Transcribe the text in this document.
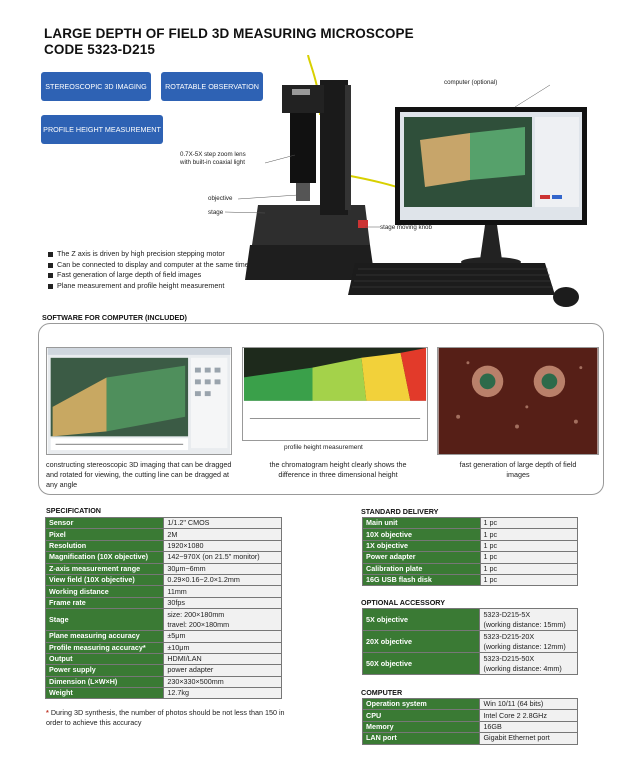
LARGE DEPTH OF FIELD 3D MEASURING MICROSCOPE
CODE 5323-D215
STEREOSCOPIC 3D IMAGING	ROTATABLE OBSERVATION
PROFILE HEIGHT MEASUREMENT
computer (optional)
0.7X-5X step zoom lens
with built-in coaxial light
objective
stage
stage moving knob
The Z axis is driven by high precision stepping motor
Can be connected to display and computer at the same time
Fast generation of large depth of field images
Plane measurement and profile height measurement
SOFTWARE FOR COMPUTER (INCLUDED)
profile height measurement
constructing stereoscopic 3D imaging that can be dragged and rotated for viewing, the cutting line can be dragged at any angle
the chromatogram height clearly shows the difference in three dimensional height
fast generation of large depth of field images
SPECIFICATION
Sensor	1/1.2" CMOS
Pixel	2M
Resolution	1920×1080
Magnification (10X objective)	142~970X (on 21.5" monitor)
Z-axis measurement range	30μm~6mm
View field (10X objective)	0.29×0.16~2.0×1.2mm
Working distance	11mm
Frame rate	30fps
Stage	size: 200×180mm
travel: 200×180mm

Plane measuring accuracy	±5μm
Profile measuring accuracy*	±10μm
Output	HDMI/LAN
Power supply	power adapter
Dimension (L×W×H)	230×330×500mm
Weight	12.7kg
* During 3D synthesis, the number of photos should be not less than 150 in order to achieve this accuracy
STANDARD DELIVERY
Main unit	1 pc
10X objective	1 pc
1X objective	1 pc
Power adapter	1 pc
Calibration plate	1 pc
16G USB flash disk	1 pc
OPTIONAL ACCESSORY
5X objective	5323-D215-5X
(working distance: 15mm)

20X objective	5323-D215-20X
(working distance: 12mm)

50X objective	5323-D215-50X
(working distance: 4mm)
COMPUTER
Operation system	Win 10/11 (64 bits)
CPU	Intel Core 2 2.8GHz
Memory	16GB
LAN port	Gigabit Ethernet port
